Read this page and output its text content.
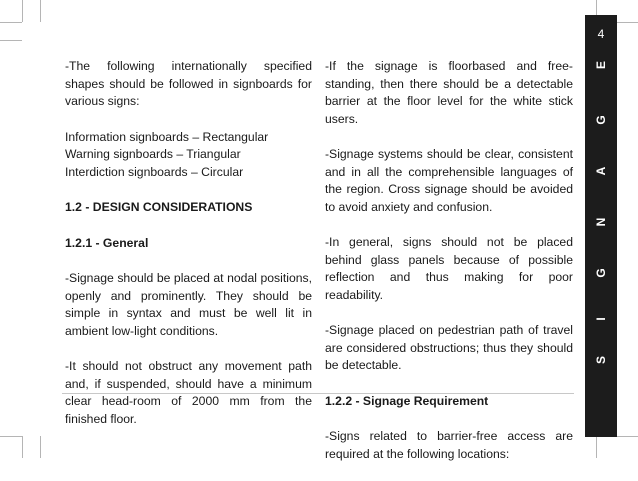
-The following internationally specified shapes should be followed in signboards for various signs:

Information signboards – Rectangular
Warning signboards – Triangular
Interdiction signboards – Circular

1.2 - DESIGN CONSIDERATIONS
1.2.1 - General

-Signage should be placed at nodal positions, openly and prominently. They should be simple in syntax and must be well lit in ambient low-light conditions.

-It should not obstruct any movement path and, if suspended, should have a minimum clear head-room of 2000 mm from the finished floor.

-If the signage is floorbased and free-standing, then there should be a detectable barrier at the floor level for the white stick users.

-Signage systems should be clear, consistent and in all the comprehensible languages of the region. Cross signage should be avoided to avoid anxiety and confusion.

-In general, signs should not be placed behind glass panels because of possible reflection and thus making for poor readability.

-Signage placed on pedestrian path of travel are considered obstructions; thus they should be detectable.

1.2.2 - Signage Requirement

-Signs related to barrier-free access are required at the following locations:

4
E
G
A
N
G
I
S
